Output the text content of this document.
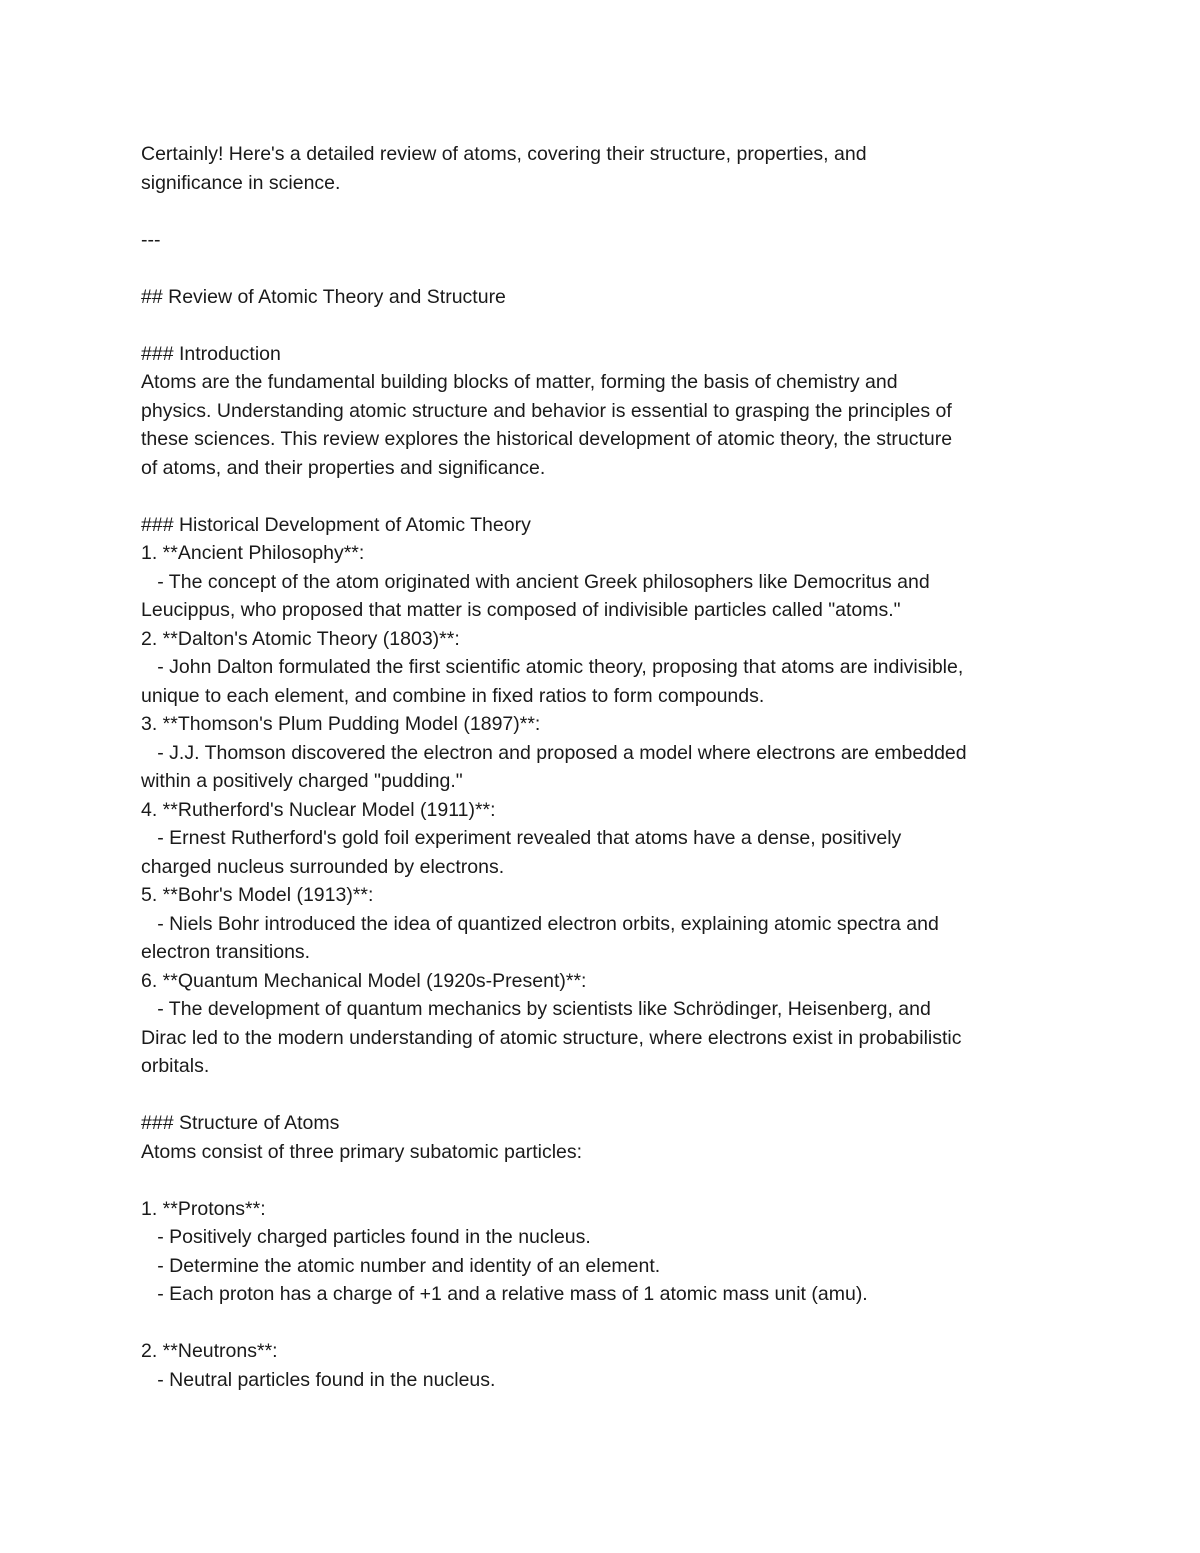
Certainly! Here's a detailed review of atoms, covering their structure, properties, and
significance in science.
---
## Review of Atomic Theory and Structure
### Introduction
Atoms are the fundamental building blocks of matter, forming the basis of chemistry and
physics. Understanding atomic structure and behavior is essential to grasping the principles of
these sciences. This review explores the historical development of atomic theory, the structure
of atoms, and their properties and significance.
### Historical Development of Atomic Theory
1. **Ancient Philosophy**:
- The concept of the atom originated with ancient Greek philosophers like Democritus and
Leucippus, who proposed that matter is composed of indivisible particles called "atoms."
2. **Dalton's Atomic Theory (1803)**:
- John Dalton formulated the first scientific atomic theory, proposing that atoms are indivisible,
unique to each element, and combine in fixed ratios to form compounds.
3. **Thomson's Plum Pudding Model (1897)**:
- J.J. Thomson discovered the electron and proposed a model where electrons are embedded
within a positively charged "pudding."
4. **Rutherford's Nuclear Model (1911)**:
- Ernest Rutherford's gold foil experiment revealed that atoms have a dense, positively
charged nucleus surrounded by electrons.
5. **Bohr's Model (1913)**:
- Niels Bohr introduced the idea of quantized electron orbits, explaining atomic spectra and
electron transitions.
6. **Quantum Mechanical Model (1920s-Present)**:
- The development of quantum mechanics by scientists like Schrödinger, Heisenberg, and
Dirac led to the modern understanding of atomic structure, where electrons exist in probabilistic
orbitals.
### Structure of Atoms
Atoms consist of three primary subatomic particles:
1. **Protons**:
- Positively charged particles found in the nucleus.
- Determine the atomic number and identity of an element.
- Each proton has a charge of +1 and a relative mass of 1 atomic mass unit (amu).
2. **Neutrons**:
- Neutral particles found in the nucleus.
